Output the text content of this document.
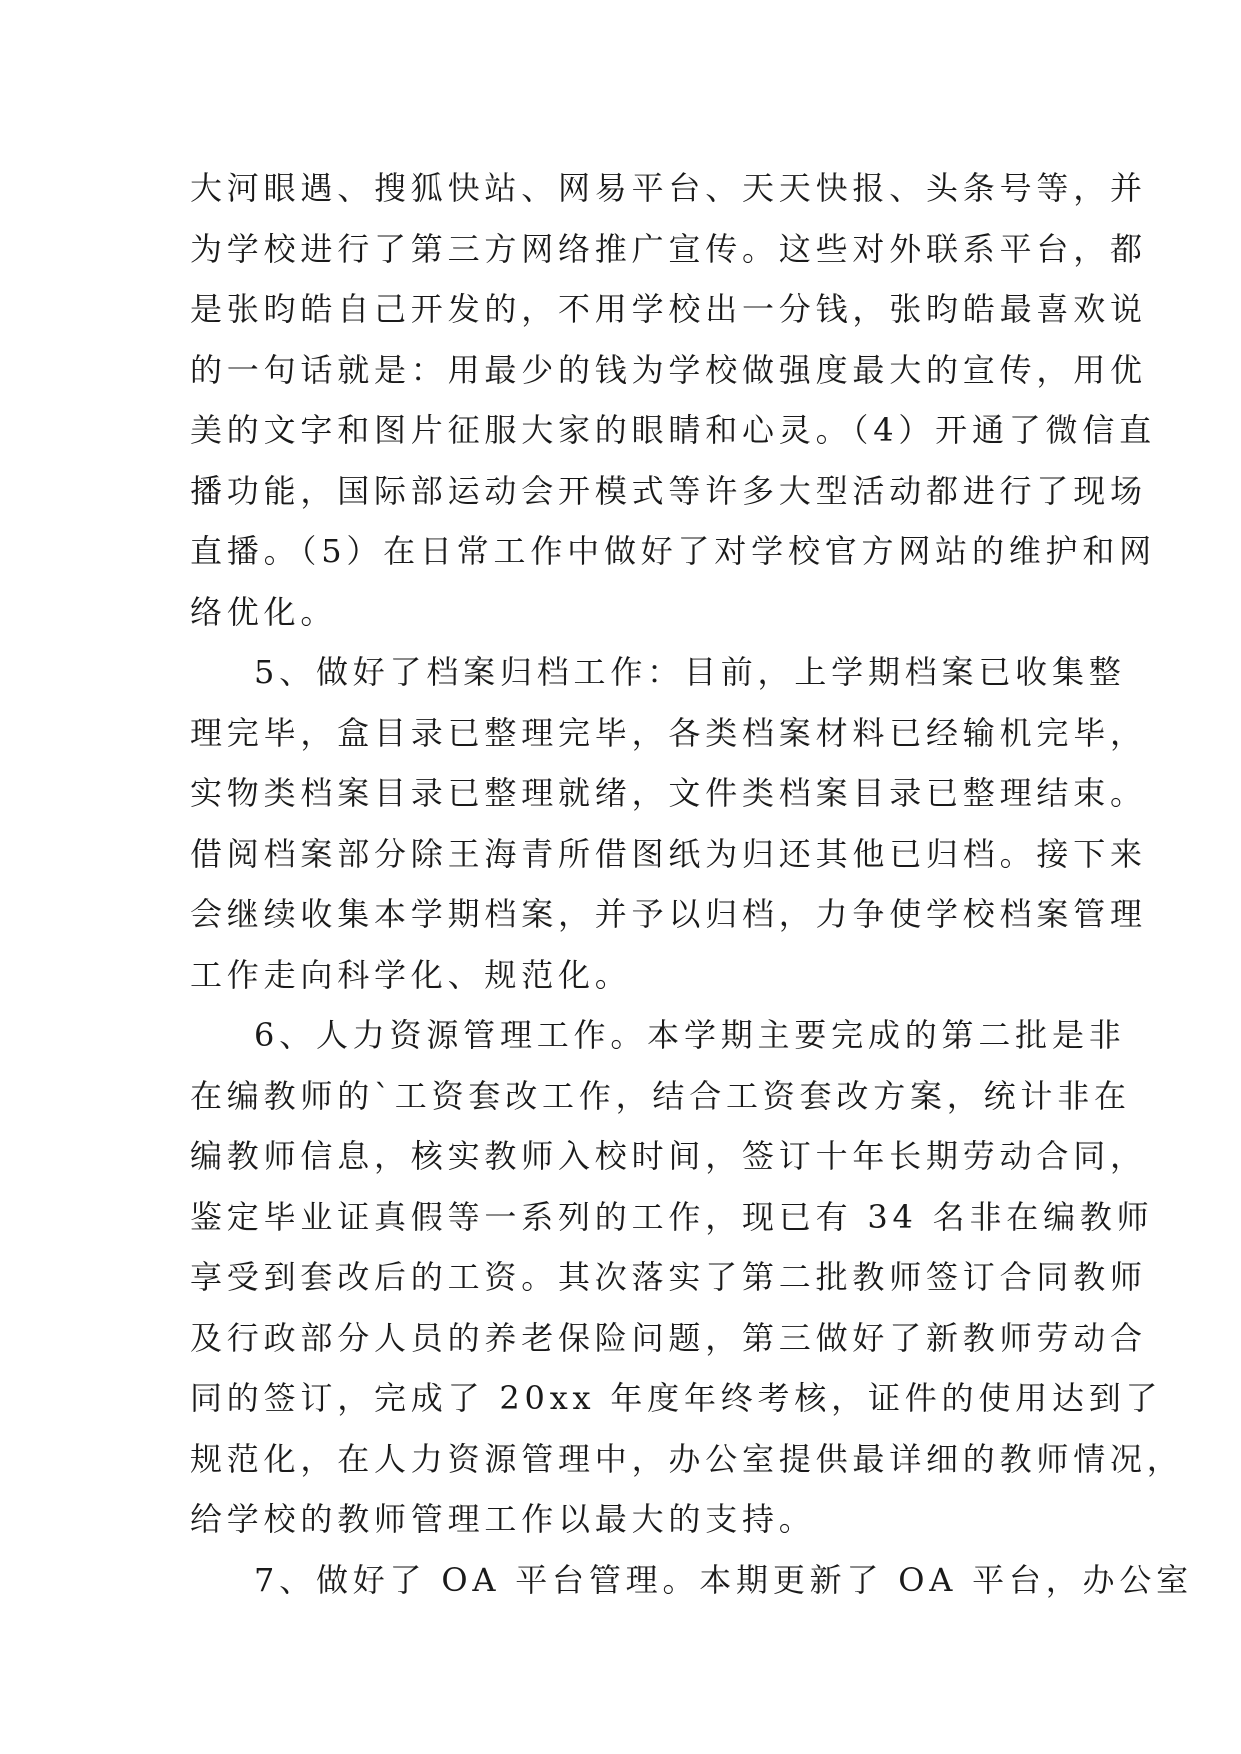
大河眼遇、搜狐快站、网易平台、天天快报、头条号等，并
为学校进行了第三方网络推广宣传。这些对外联系平台，都
是张昀皓自己开发的，不用学校出一分钱，张昀皓最喜欢说
的一句话就是：用最少的钱为学校做强度最大的宣传，用优
美的文字和图片征服大家的眼睛和心灵。（4）开通了微信直
播功能，国际部运动会开模式等许多大型活动都进行了现场
直播。（5）在日常工作中做好了对学校官方网站的维护和网
络优化。
5、做好了档案归档工作：目前，上学期档案已收集整
理完毕，盒目录已整理完毕，各类档案材料已经输机完毕，
实物类档案目录已整理就绪，文件类档案目录已整理结束。
借阅档案部分除王海青所借图纸为归还其他已归档。接下来
会继续收集本学期档案，并予以归档，力争使学校档案管理
工作走向科学化、规范化。
6、人力资源管理工作。本学期主要完成的第二批是非
在编教师的`工资套改工作，结合工资套改方案，统计非在
编教师信息，核实教师入校时间，签订十年长期劳动合同，
鉴定毕业证真假等一系列的工作，现已有 34 名非在编教师
享受到套改后的工资。其次落实了第二批教师签订合同教师
及行政部分人员的养老保险问题，第三做好了新教师劳动合
同的签订，完成了 20xx 年度年终考核，证件的使用达到了
规范化，在人力资源管理中，办公室提供最详细的教师情况，
给学校的教师管理工作以最大的支持。
7、做好了 OA 平台管理。本期更新了 OA 平台，办公室
